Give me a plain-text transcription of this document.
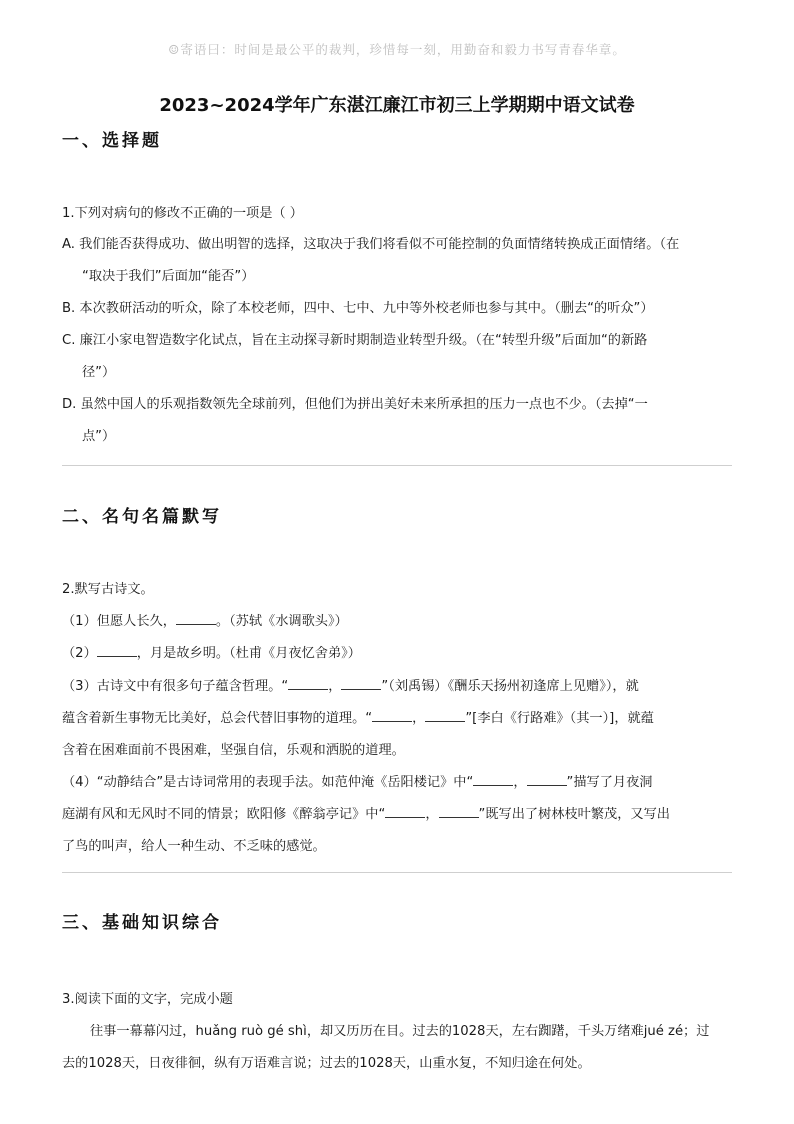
☺寄语曰：时间是最公平的裁判，珍惜每一刻，用勤奋和毅力书写青春华章。
2023~2024学年广东湛江廉江市初三上学期期中语文试卷
一、选择题
1.下列对病句的修改不正确的一项是（ ）
A. 我们能否获得成功、做出明智的选择，这取决于我们将看似不可能控制的负面情绪转换成正面情绪。（在
“取决于我们”后面加“能否”）
B. 本次教研活动的听众，除了本校老师，四中、七中、九中等外校老师也参与其中。（删去“的听众”）
C. 廉江小家电智造数字化试点，旨在主动探寻新时期制造业转型升级。（在“转型升级”后面加“的新路
径”）
D. 虽然中国人的乐观指数领先全球前列，但他们为拼出美好未来所承担的压力一点也不少。（去掉“一
点”）
二、名句名篇默写
2.默写古诗文。
（1）但愿人长久，	。（苏轼《水调歌头》）
（2）	，月是故乡明。（杜甫《月夜忆舍弟》）
（3）古诗文中有很多句子蕴含哲理。“	，	”（刘禹锡）《酬乐天扬州初逢席上见赠》），就
蕴含着新生事物无比美好，总会代替旧事物的道理。“	，	”[李白《行路难》（其一）]，就蕴
含着在困难面前不畏困难，坚强自信，乐观和洒脱的道理。
（4）“动静结合”是古诗词常用的表现手法。如范仲淹《岳阳楼记》中“	，	”描写了月夜洞
庭湖有风和无风时不同的情景；欧阳修《醉翁亭记》中“	，	”既写出了树林枝叶繁茂，又写出
了鸟的叫声，给人一种生动、不乏味的感觉。
三、基础知识综合
3.阅读下面的文字，完成小题
往事一幕幕闪过，huǎng ruò gé shì，却又历历在目。过去的1028天，左右踟躇，千头万绪难jué zé；过
去的1028天，日夜徘徊，纵有万语难言说；过去的1028天，山重水复，不知归途在何处。
